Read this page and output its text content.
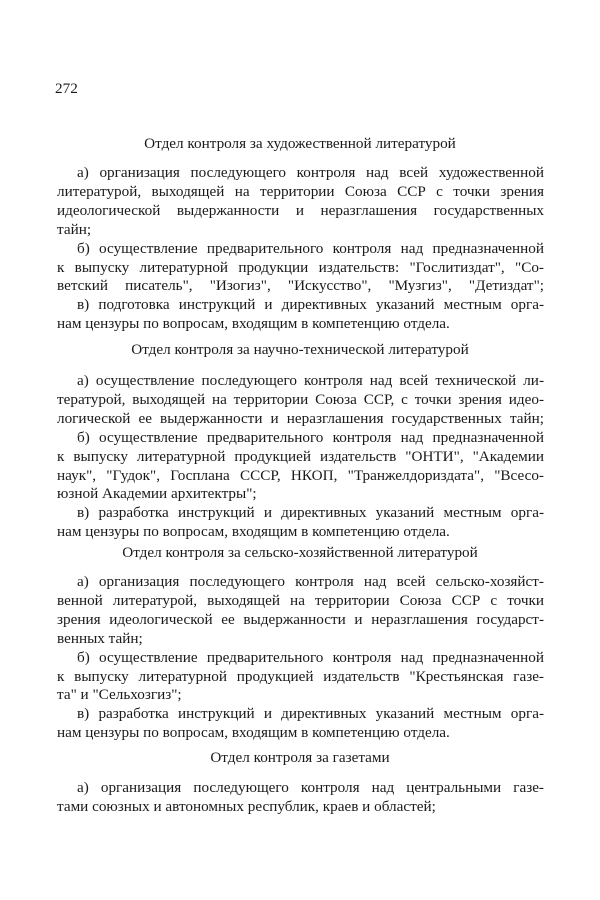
272
Отдел контроля за художественной литературой
а) организация последующего контроля над всей художественной
литературой, выходящей на территории Союза ССР с точки зрения
идеологической выдержанности и неразглашения государственных
тайн;
б) осуществление предварительного контроля над предназначенной
к выпуску литературной продукции издательств: "Гослитиздат", "Со-
ветский писатель", "Изогиз", "Искусство", "Музгиз", "Детиздат";
в) подготовка инструкций и директивных указаний местным орга-
нам цензуры по вопросам, входящим в компетенцию отдела.
Отдел контроля за научно-технической литературой
а) осуществление последующего контроля над всей технической ли-
тературой, выходящей на территории Союза ССР, с точки зрения идео-
логической ее выдержанности и неразглашения государственных тайн;
б) осуществление предварительного контроля над предназначенной
к выпуску литературной продукцией издательств "ОНТИ", "Академии
наук", "Гудок", Госплана СССР, НКОП, "Транжелдориздата", "Всесо-
юзной Академии архитектры";
в) разработка инструкций и директивных указаний местным орга-
нам цензуры по вопросам, входящим в компетенцию отдела.
Отдел контроля за сельско-хозяйственной литературой
а) организация последующего контроля над всей сельско-хозяйст-
венной литературой, выходящей на территории Союза ССР с точки
зрения идеологической ее выдержанности и неразглашения государст-
венных тайн;
б) осуществление предварительного контроля над предназначенной
к выпуску литературной продукцией издательств "Крестьянская газе-
та" и "Сельхозгиз";
в) разработка инструкций и директивных указаний местным орга-
нам цензуры по вопросам, входящим в компетенцию отдела.
Отдел контроля за газетами
а) организация последующего контроля над центральными газе-
тами союзных и автономных республик, краев и областей;
